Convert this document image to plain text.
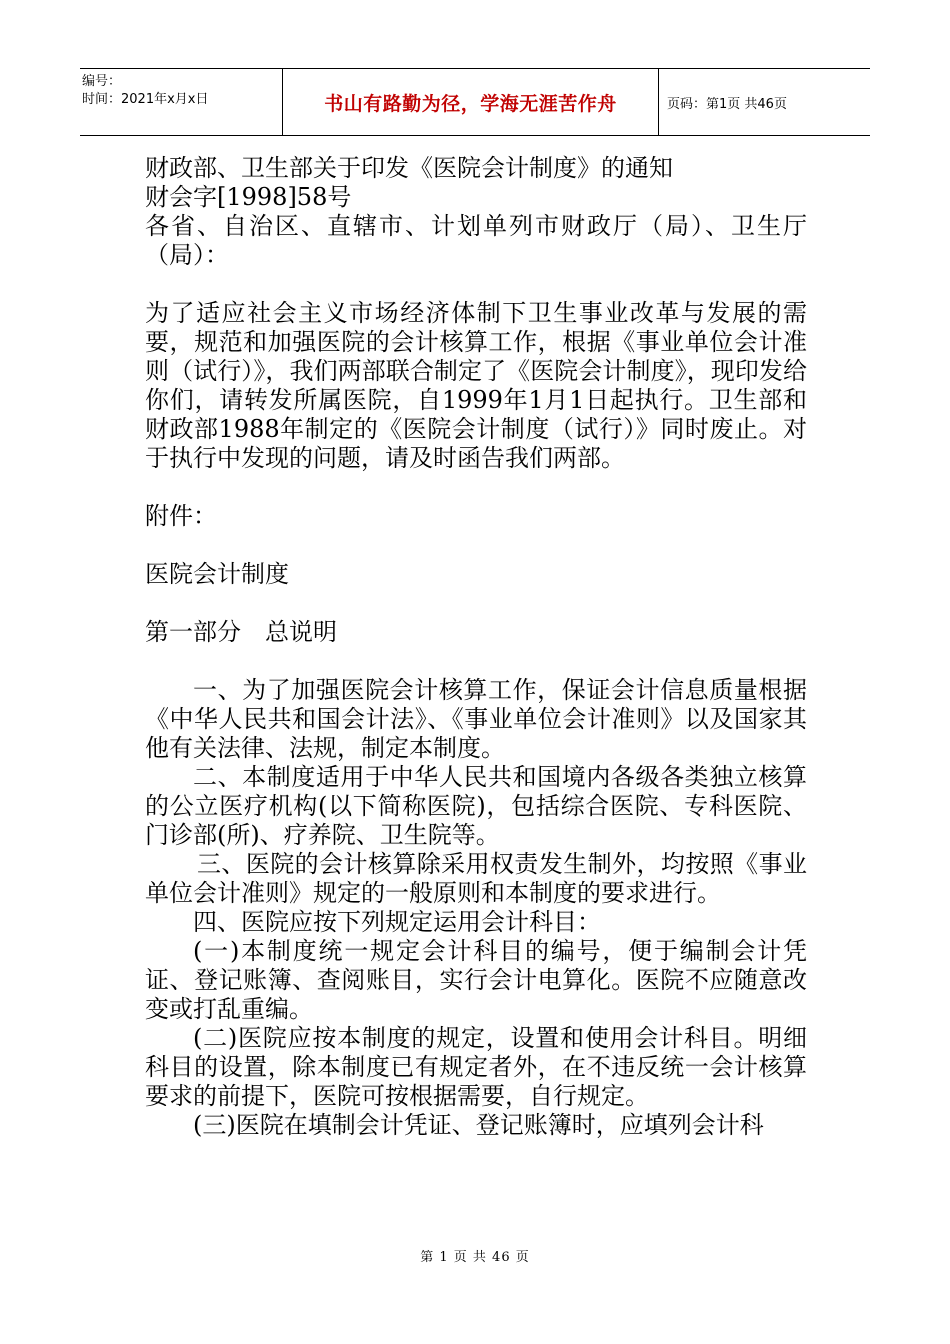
编号：
时间：2021年x月x日	书山有路勤为径，学海无涯苦作舟	页码：第1页 共46页

财政部、卫生部关于印发《医院会计制度》的通知

财会字[1998]58号

各省、自治区、直辖市、计划单列市财政厅（局）、卫生厅（局）：

为了适应社会主义市场经济体制下卫生事业改革与发展的需要，规范和加强医院的会计核算工作，根据《事业单位会计准则（试行）》，我们两部联合制定了《医院会计制度》，现印发给你们，请转发所属医院，自1999年1月1日起执行。卫生部和财政部1988年制定的《医院会计制度（试行）》同时废止。对于执行中发现的问题，请及时函告我们两部。

附件：

医院会计制度

第一部分　总说明

一、为了加强医院会计核算工作，保证会计信息质量根据《中华人民共和国会计法》、《事业单位会计准则》以及国家其他有关法律、法规，制定本制度。

二、本制度适用于中华人民共和国境内各级各类独立核算的公立医疗机构(以下简称医院)，包括综合医院、专科医院、门诊部(所)、疗养院、卫生院等。

三、医院的会计核算除采用权责发生制外，均按照《事业单位会计准则》规定的一般原则和本制度的要求进行。

四、医院应按下列规定运用会计科目：

(一)本制度统一规定会计科目的编号，便于编制会计凭证、登记账簿、查阅账目，实行会计电算化。医院不应随意改变或打乱重编。

(二)医院应按本制度的规定，设置和使用会计科目。明细科目的设置，除本制度已有规定者外，在不违反统一会计核算要求的前提下，医院可按根据需要，自行规定。

(三)医院在填制会计凭证、登记账簿时，应填列会计科

第 1 页 共 46 页
